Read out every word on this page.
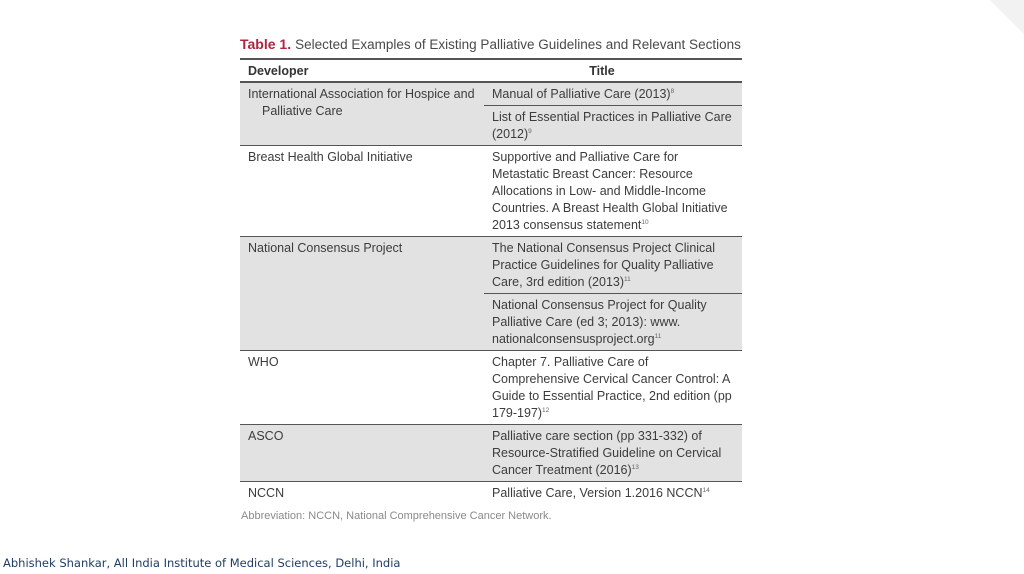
Table 1. Selected Examples of Existing Palliative Guidelines and Relevant Sections
Developer	Title

International Association for Hospice and Palliative Care	Manual of Palliative Care (2013)$^8$
	List of Essential Practices in Palliative Care (2012)$^9$
Breast Health Global Initiative	Supportive and Palliative Care for Metastatic Breast Cancer: Resource Allocations in Low- and Middle-Income Countries. A Breast Health Global Initiative 2013 consensus statement$^{10}$
National Consensus Project	The National Consensus Project Clinical Practice Guidelines for Quality Palliative Care, 3rd edition (2013)$^{11}$
	National Consensus Project for Quality Palliative Care (ed 3; 2013): www. nationalconsensusproject.org$^{11}$
WHO	Chapter 7. Palliative Care of Comprehensive Cervical Cancer Control: A Guide to Essential Practice, 2nd edition (pp 179-197)$^{12}$
ASCO	Palliative care section (pp 331-332) of Resource-Stratified Guideline on Cervical Cancer Treatment (2016)$^{13}$
NCCN	Palliative Care, Version 1.2016 NCCN$^{14}$
Abbreviation: NCCN, National Comprehensive Cancer Network.
Abhishek Shankar, All India Institute of Medical Sciences, Delhi, India
